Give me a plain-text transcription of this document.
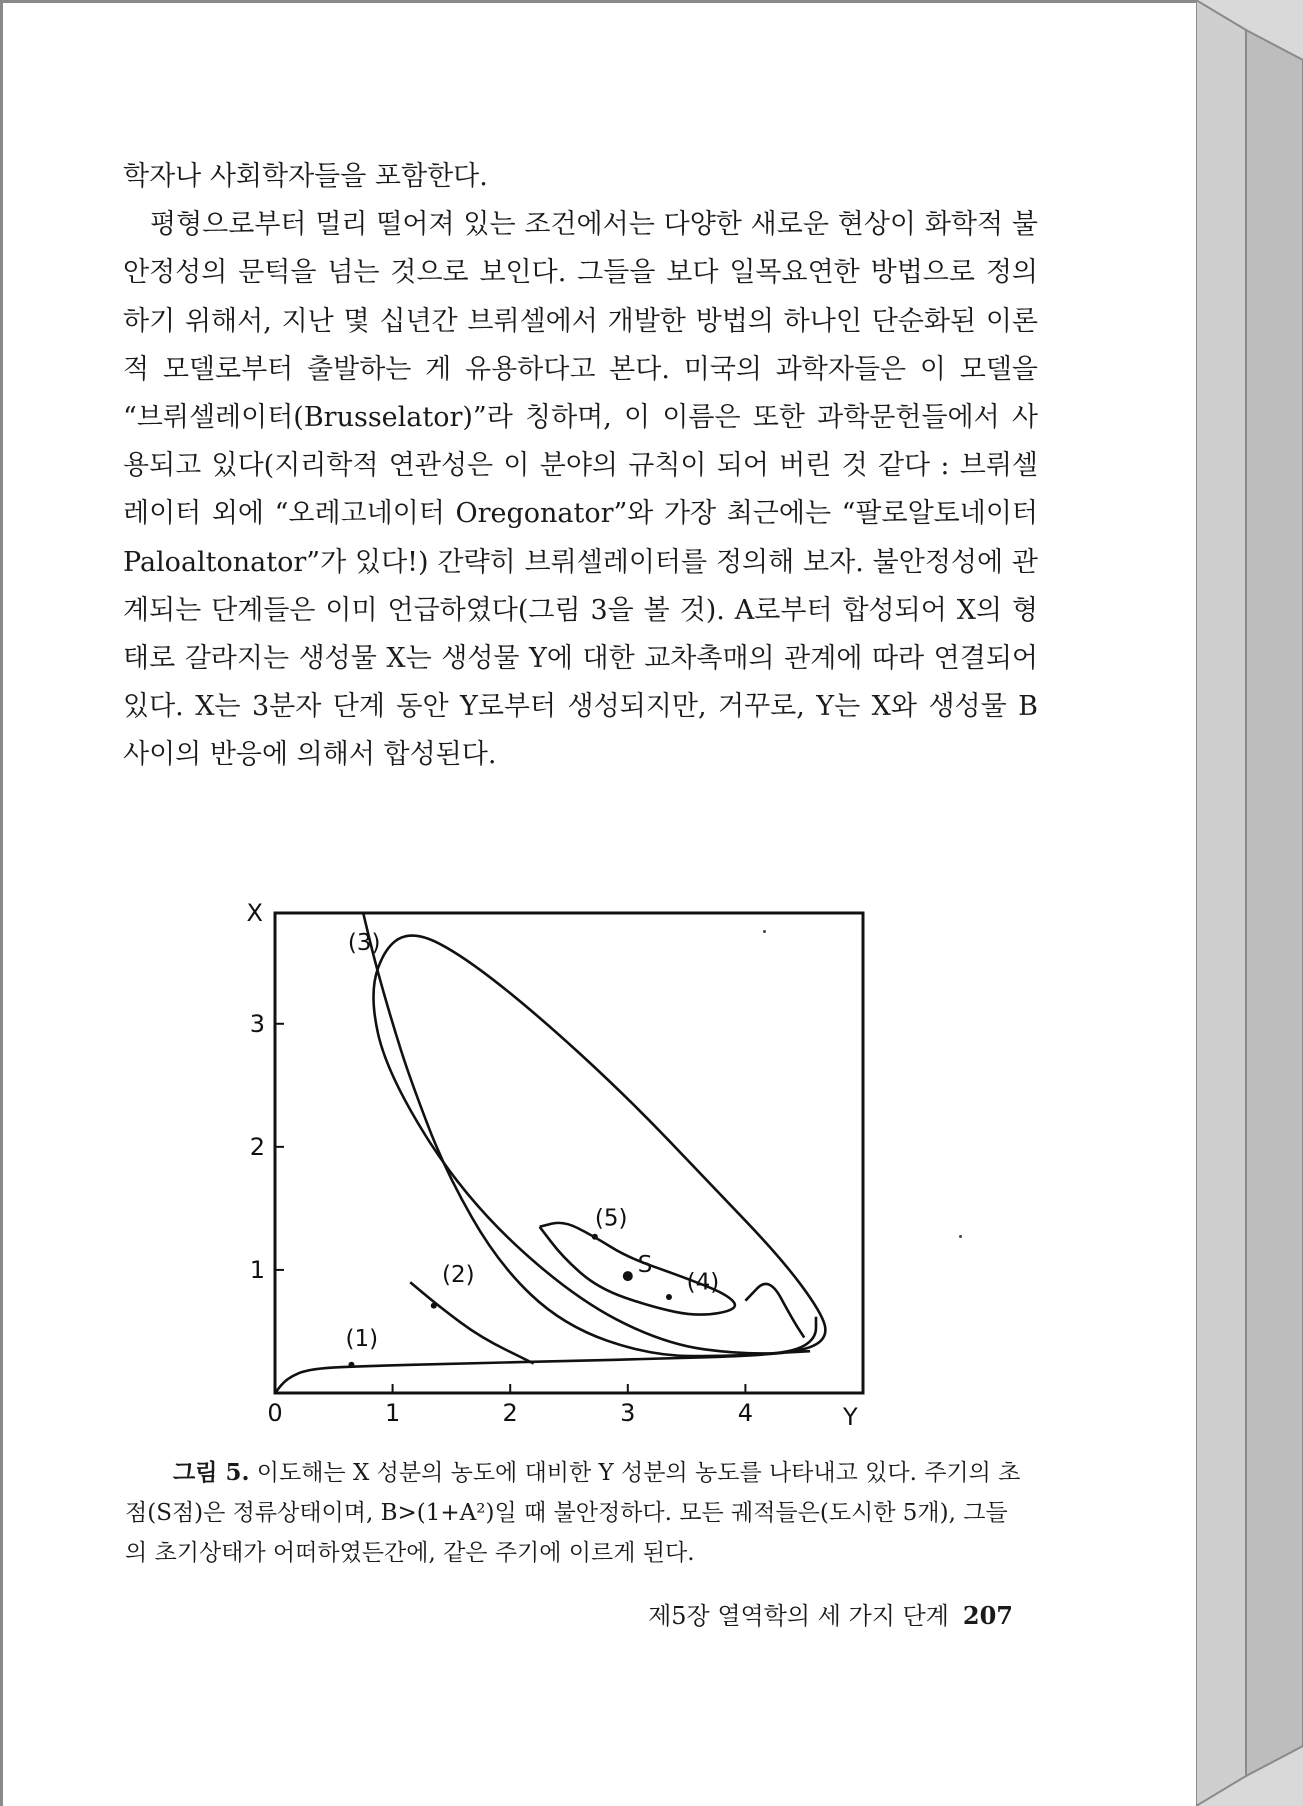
학자나 사회학자들을 포함한다.

평형으로부터 멀리 떨어져 있는 조건에서는 다양한 새로운 현상이 화학적 불안정성의 문턱을 넘는 것으로 보인다. 그들을 보다 일목요연한 방법으로 정의하기 위해서, 지난 몇 십년간 브뤼셀에서 개발한 방법의 하나인 단순화된 이론적 모델로부터 출발하는 게 유용하다고 본다. 미국의 과학자들은 이 모델을 “브뤼셀레이터(Brusselator)”라 칭하며, 이 이름은 또한 과학문헌들에서 사용되고 있다(지리학적 연관성은 이 분야의 규칙이 되어 버린 것 같다 : 브뤼셀레이터 외에 “오레고네이터 Oregonator”와 가장 최근에는 “팔로알토네이터 Paloaltonator”가 있다!) 간략히 브뤼셀레이터를 정의해 보자. 불안정성에 관계되는 단계들은 이미 언급하였다(그림 3을 볼 것). A로부터 합성되어 X의 형태로 갈라지는 생성물 X는 생성물 Y에 대한 교차촉매의 관계에 따라 연결되어 있다. X는 3분자 단계 동안 Y로부터 생성되지만, 거꾸로, Y는 X와 생성물 B 사이의 반응에 의해서 합성된다.

0	1	2	3	4
1
2
3
Y
X
(1)
(2)
(3)
(4)
(5)
S

그림 5. 이도해는 X 성분의 농도에 대비한 Y 성분의 농도를 나타내고 있다. 주기의 초점(S점)은 정류상태이며, B>(1+A²)일 때 불안정하다. 모든 궤적들은(도시한 5개), 그들의 초기상태가 어떠하였든간에, 같은 주기에 이르게 된다.

제5장 열역학의 세 가지 단계 207
